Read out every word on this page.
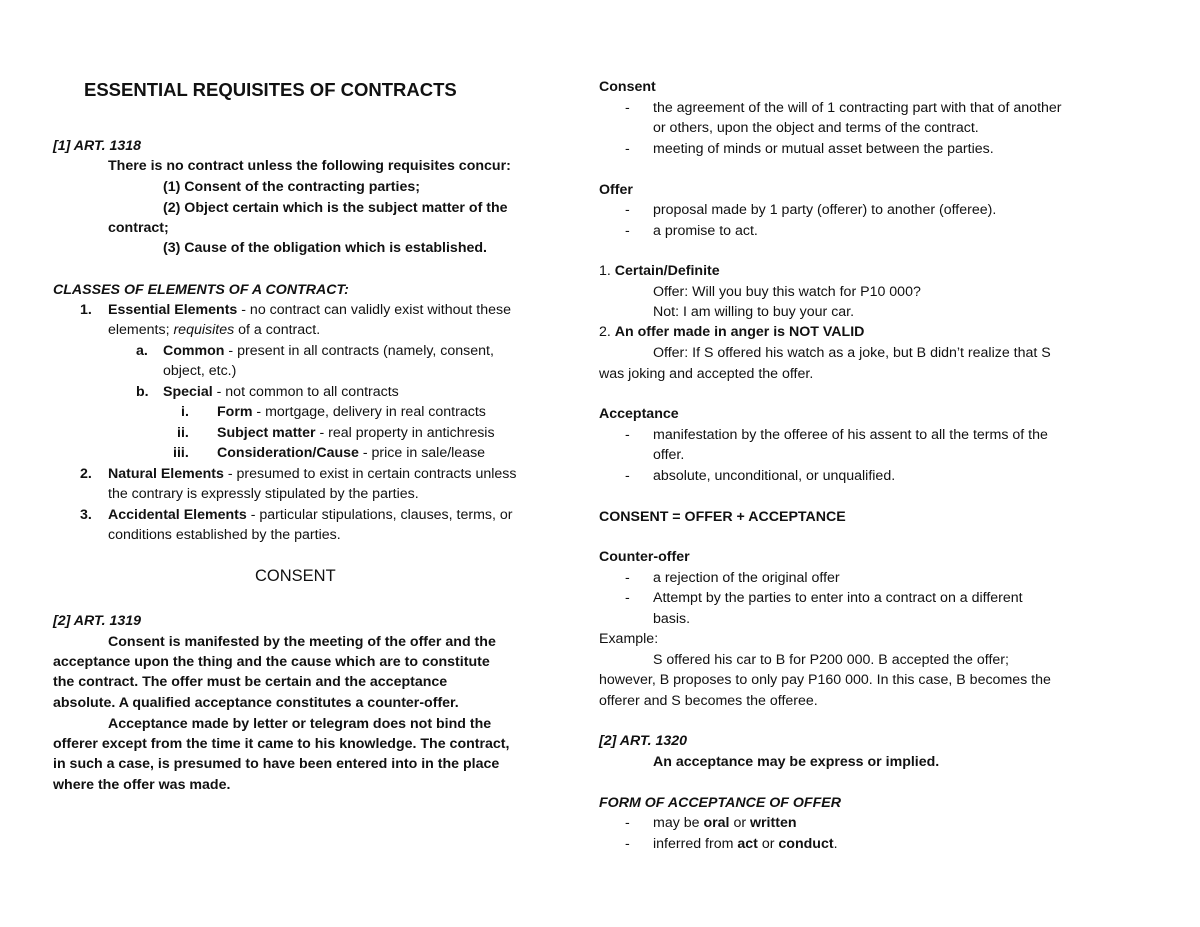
ESSENTIAL REQUISITES OF CONTRACTS
[1] ART. 1318
There is no contract unless the following requisites concur:
(1) Consent of the contracting parties;
(2) Object certain which is the subject matter of the
contract;
(3) Cause of the obligation which is established.
CLASSES OF ELEMENTS OF A CONTRACT:
1. Essential Elements - no contract can validly exist without these
elements; requisites of a contract.
a. Common - present in all contracts (namely, consent,
object, etc.)
b. Special - not common to all contracts
i. Form - mortgage, delivery in real contracts
ii. Subject matter - real property in antichresis
iii. Consideration/Cause - price in sale/lease
2. Natural Elements - presumed to exist in certain contracts unless
the contrary is expressly stipulated by the parties.
3. Accidental Elements - particular stipulations, clauses, terms, or
conditions established by the parties.
CONSENT
[2] ART. 1319
Consent is manifested by the meeting of the offer and the
acceptance upon the thing and the cause which are to constitute
the contract. The offer must be certain and the acceptance
absolute. A qualified acceptance constitutes a counter-offer.
Acceptance made by letter or telegram does not bind the
offerer except from the time it came to his knowledge. The contract,
in such a case, is presumed to have been entered into in the place
where the offer was made.
Consent
- the agreement of the will of 1 contracting part with that of another
or others, upon the object and terms of the contract.
- meeting of minds or mutual asset between the parties.
Offer
- proposal made by 1 party (offerer) to another (offeree).
- a promise to act.
1. Certain/Definite
Offer: Will you buy this watch for P10 000?
Not: I am willing to buy your car.
2. An offer made in anger is NOT VALID
Offer: If S offered his watch as a joke, but B didn’t realize that S
was joking and accepted the offer.
Acceptance
- manifestation by the offeree of his assent to all the terms of the
offer.
- absolute, unconditional, or unqualified.
CONSENT = OFFER + ACCEPTANCE
Counter-offer
- a rejection of the original offer
- Attempt by the parties to enter into a contract on a different
basis.
Example:
S offered his car to B for P200 000. B accepted the offer;
however, B proposes to only pay P160 000. In this case, B becomes the
offerer and S becomes the offeree.
[2] ART. 1320
An acceptance may be express or implied.
FORM OF ACCEPTANCE OF OFFER
- may be oral or written
- inferred from act or conduct.
